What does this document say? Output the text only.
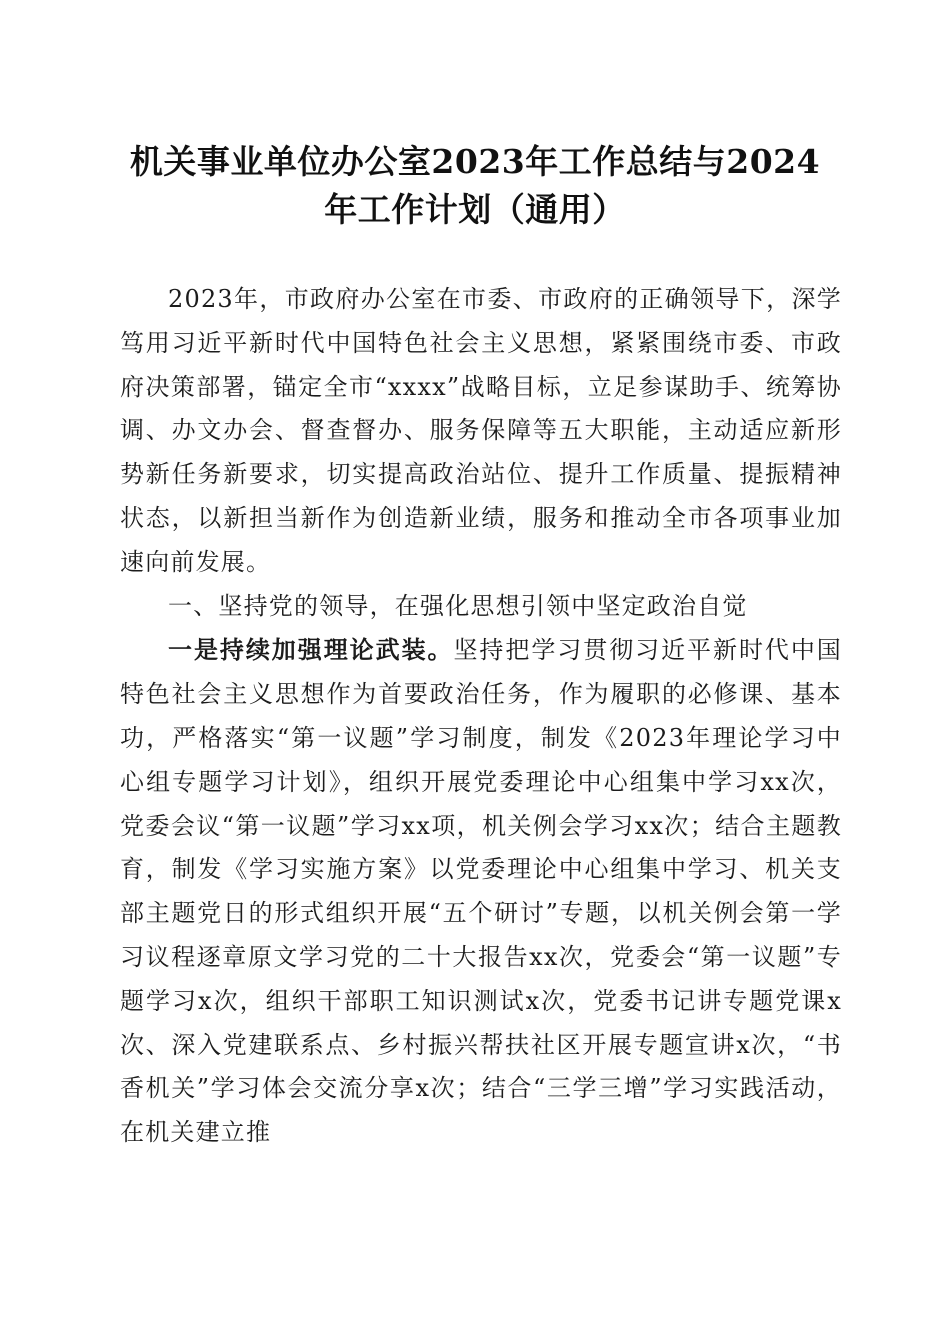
机关事业单位办公室2023年工作总结与2024
年工作计划（通用）

2023年，市政府办公室在市委、市政府的正确领导下，深学笃用习近平新时代中国特色社会主义思想，紧紧围绕市委、市政府决策部署，锚定全市“xxxx”战略目标，立足参谋助手、统筹协调、办文办会、督查督办、服务保障等五大职能，主动适应新形势新任务新要求，切实提高政治站位、提升工作质量、提振精神状态，以新担当新作为创造新业绩，服务和推动全市各项事业加速向前发展。

一、坚持党的领导，在强化思想引领中坚定政治自觉

一是持续加强理论武装。坚持把学习贯彻习近平新时代中国特色社会主义思想作为首要政治任务，作为履职的必修课、基本功，严格落实“第一议题”学习制度，制发《2023年理论学习中心组专题学习计划》，组织开展党委理论中心组集中学习xx次，党委会议“第一议题”学习xx项，机关例会学习xx次；结合主题教育，制发《学习实施方案》以党委理论中心组集中学习、机关支部主题党日的形式组织开展“五个研讨”专题，以机关例会第一学习议程逐章原文学习党的二十大报告xx次，党委会“第一议题”专题学习x次，组织干部职工知识测试x次，党委书记讲专题党课x次、深入党建联系点、乡村振兴帮扶社区开展专题宣讲x次，“书香机关”学习体会交流分享x次；结合“三学三增”学习实践活动，在机关建立推
